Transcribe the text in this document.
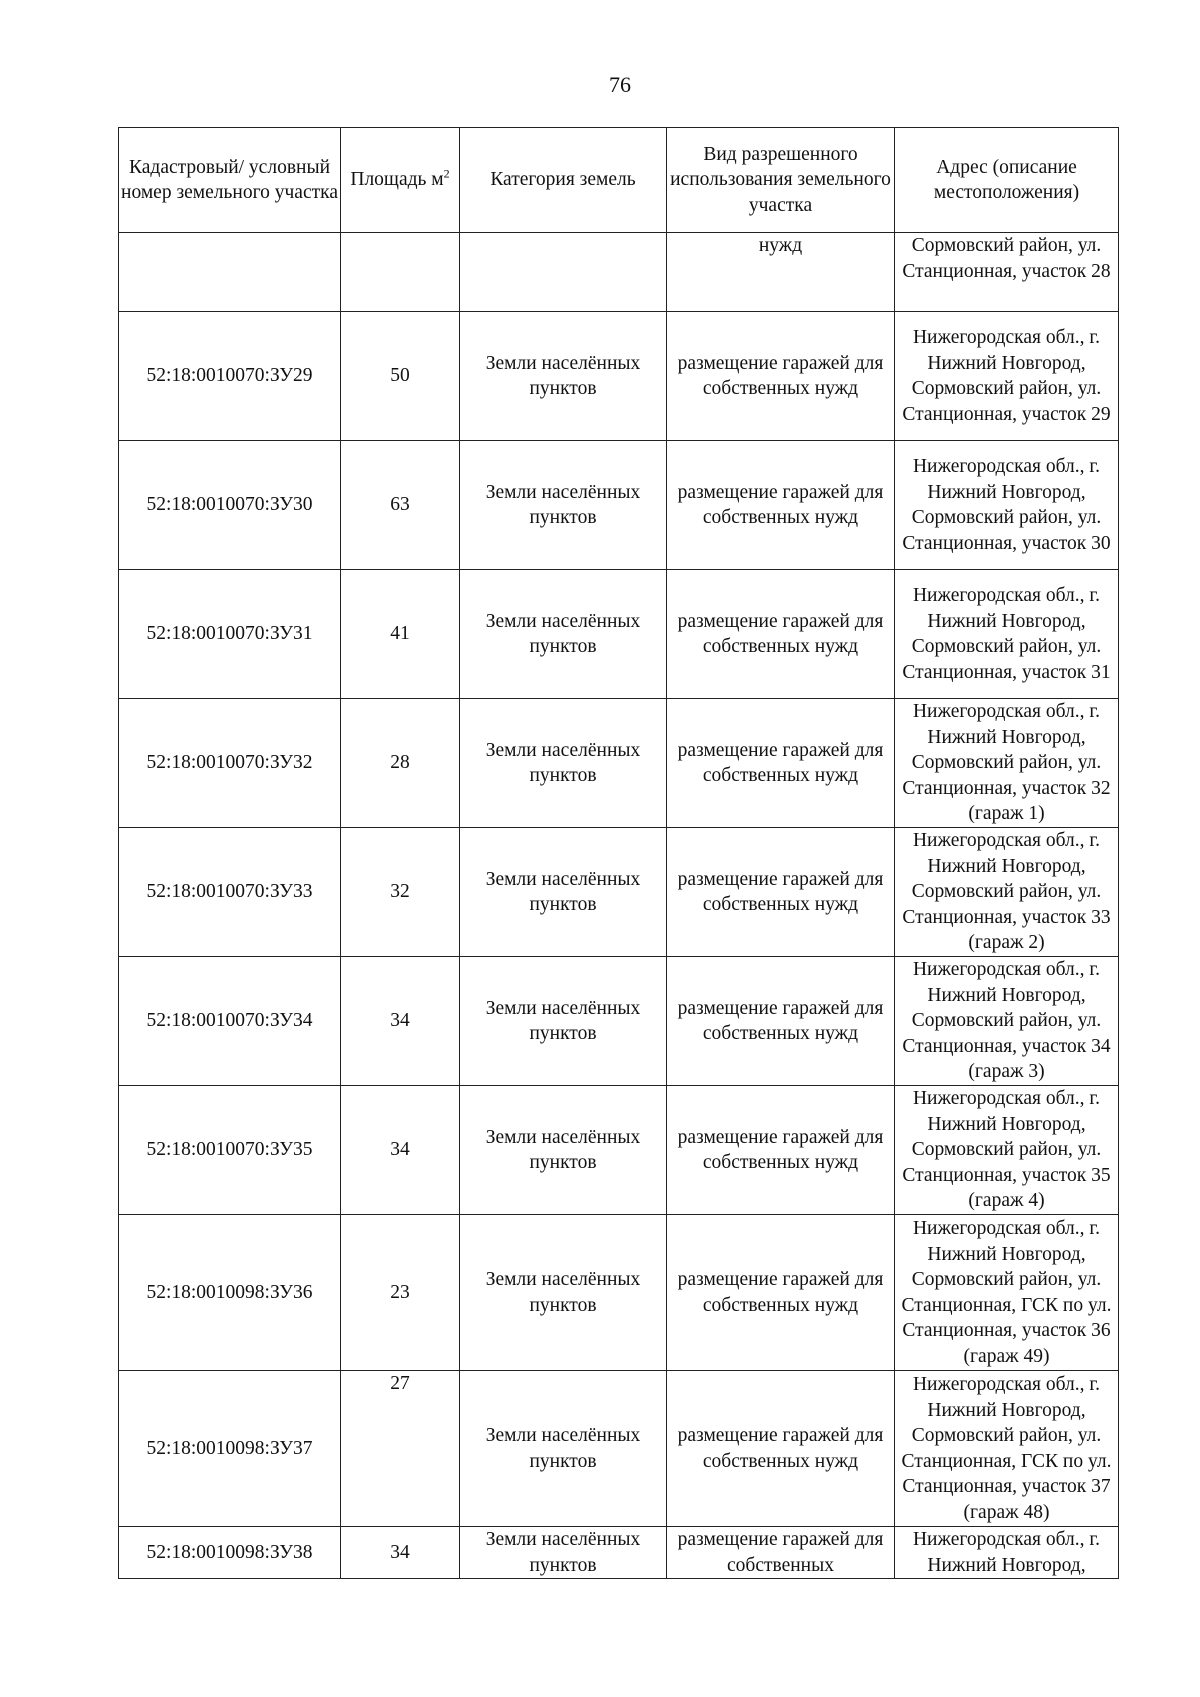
76
Кадастровый/ условный номер земельного участка	Площадь $м^2$	Категория земель	Вид разрешенного использования земельного участка	Адрес (описание местоположения)
			нужд	Сормовский район, ул. Станционная, участок 28
52:18:0010070:ЗУ29	50	Земли населённых пунктов	размещение гаражей для собственных нужд	Нижегородская обл., г. Нижний Новгород, Сормовский район, ул. Станционная, участок 29
52:18:0010070:ЗУ30	63	Земли населённых пунктов	размещение гаражей для собственных нужд	Нижегородская обл., г. Нижний Новгород, Сормовский район, ул. Станционная, участок 30
52:18:0010070:ЗУ31	41	Земли населённых пунктов	размещение гаражей для собственных нужд	Нижегородская обл., г. Нижний Новгород, Сормовский район, ул. Станционная, участок 31
52:18:0010070:ЗУ32	28	Земли населённых пунктов	размещение гаражей для собственных нужд	Нижегородская обл., г. Нижний Новгород, Сормовский район, ул. Станционная, участок 32 (гараж 1)
52:18:0010070:ЗУ33	32	Земли населённых пунктов	размещение гаражей для собственных нужд	Нижегородская обл., г. Нижний Новгород, Сормовский район, ул. Станционная, участок 33 (гараж 2)
52:18:0010070:ЗУ34	34	Земли населённых пунктов	размещение гаражей для собственных нужд	Нижегородская обл., г. Нижний Новгород, Сормовский район, ул. Станционная, участок 34 (гараж 3)
52:18:0010070:ЗУ35	34	Земли населённых пунктов	размещение гаражей для собственных нужд	Нижегородская обл., г. Нижний Новгород, Сормовский район, ул. Станционная, участок 35 (гараж 4)
52:18:0010098:ЗУ36	23	Земли населённых пунктов	размещение гаражей для собственных нужд	Нижегородская обл., г. Нижний Новгород, Сормовский район, ул. Станционная, ГСК по ул. Станционная, участок 36 (гараж 49)
52:18:0010098:ЗУ37	27	Земли населённых пунктов	размещение гаражей для собственных нужд	Нижегородская обл., г. Нижний Новгород, Сормовский район, ул. Станционная, ГСК по ул. Станционная, участок 37 (гараж 48)
52:18:0010098:ЗУ38	34	Земли населённых пунктов	размещение гаражей для собственных	Нижегородская обл., г. Нижний Новгород,
